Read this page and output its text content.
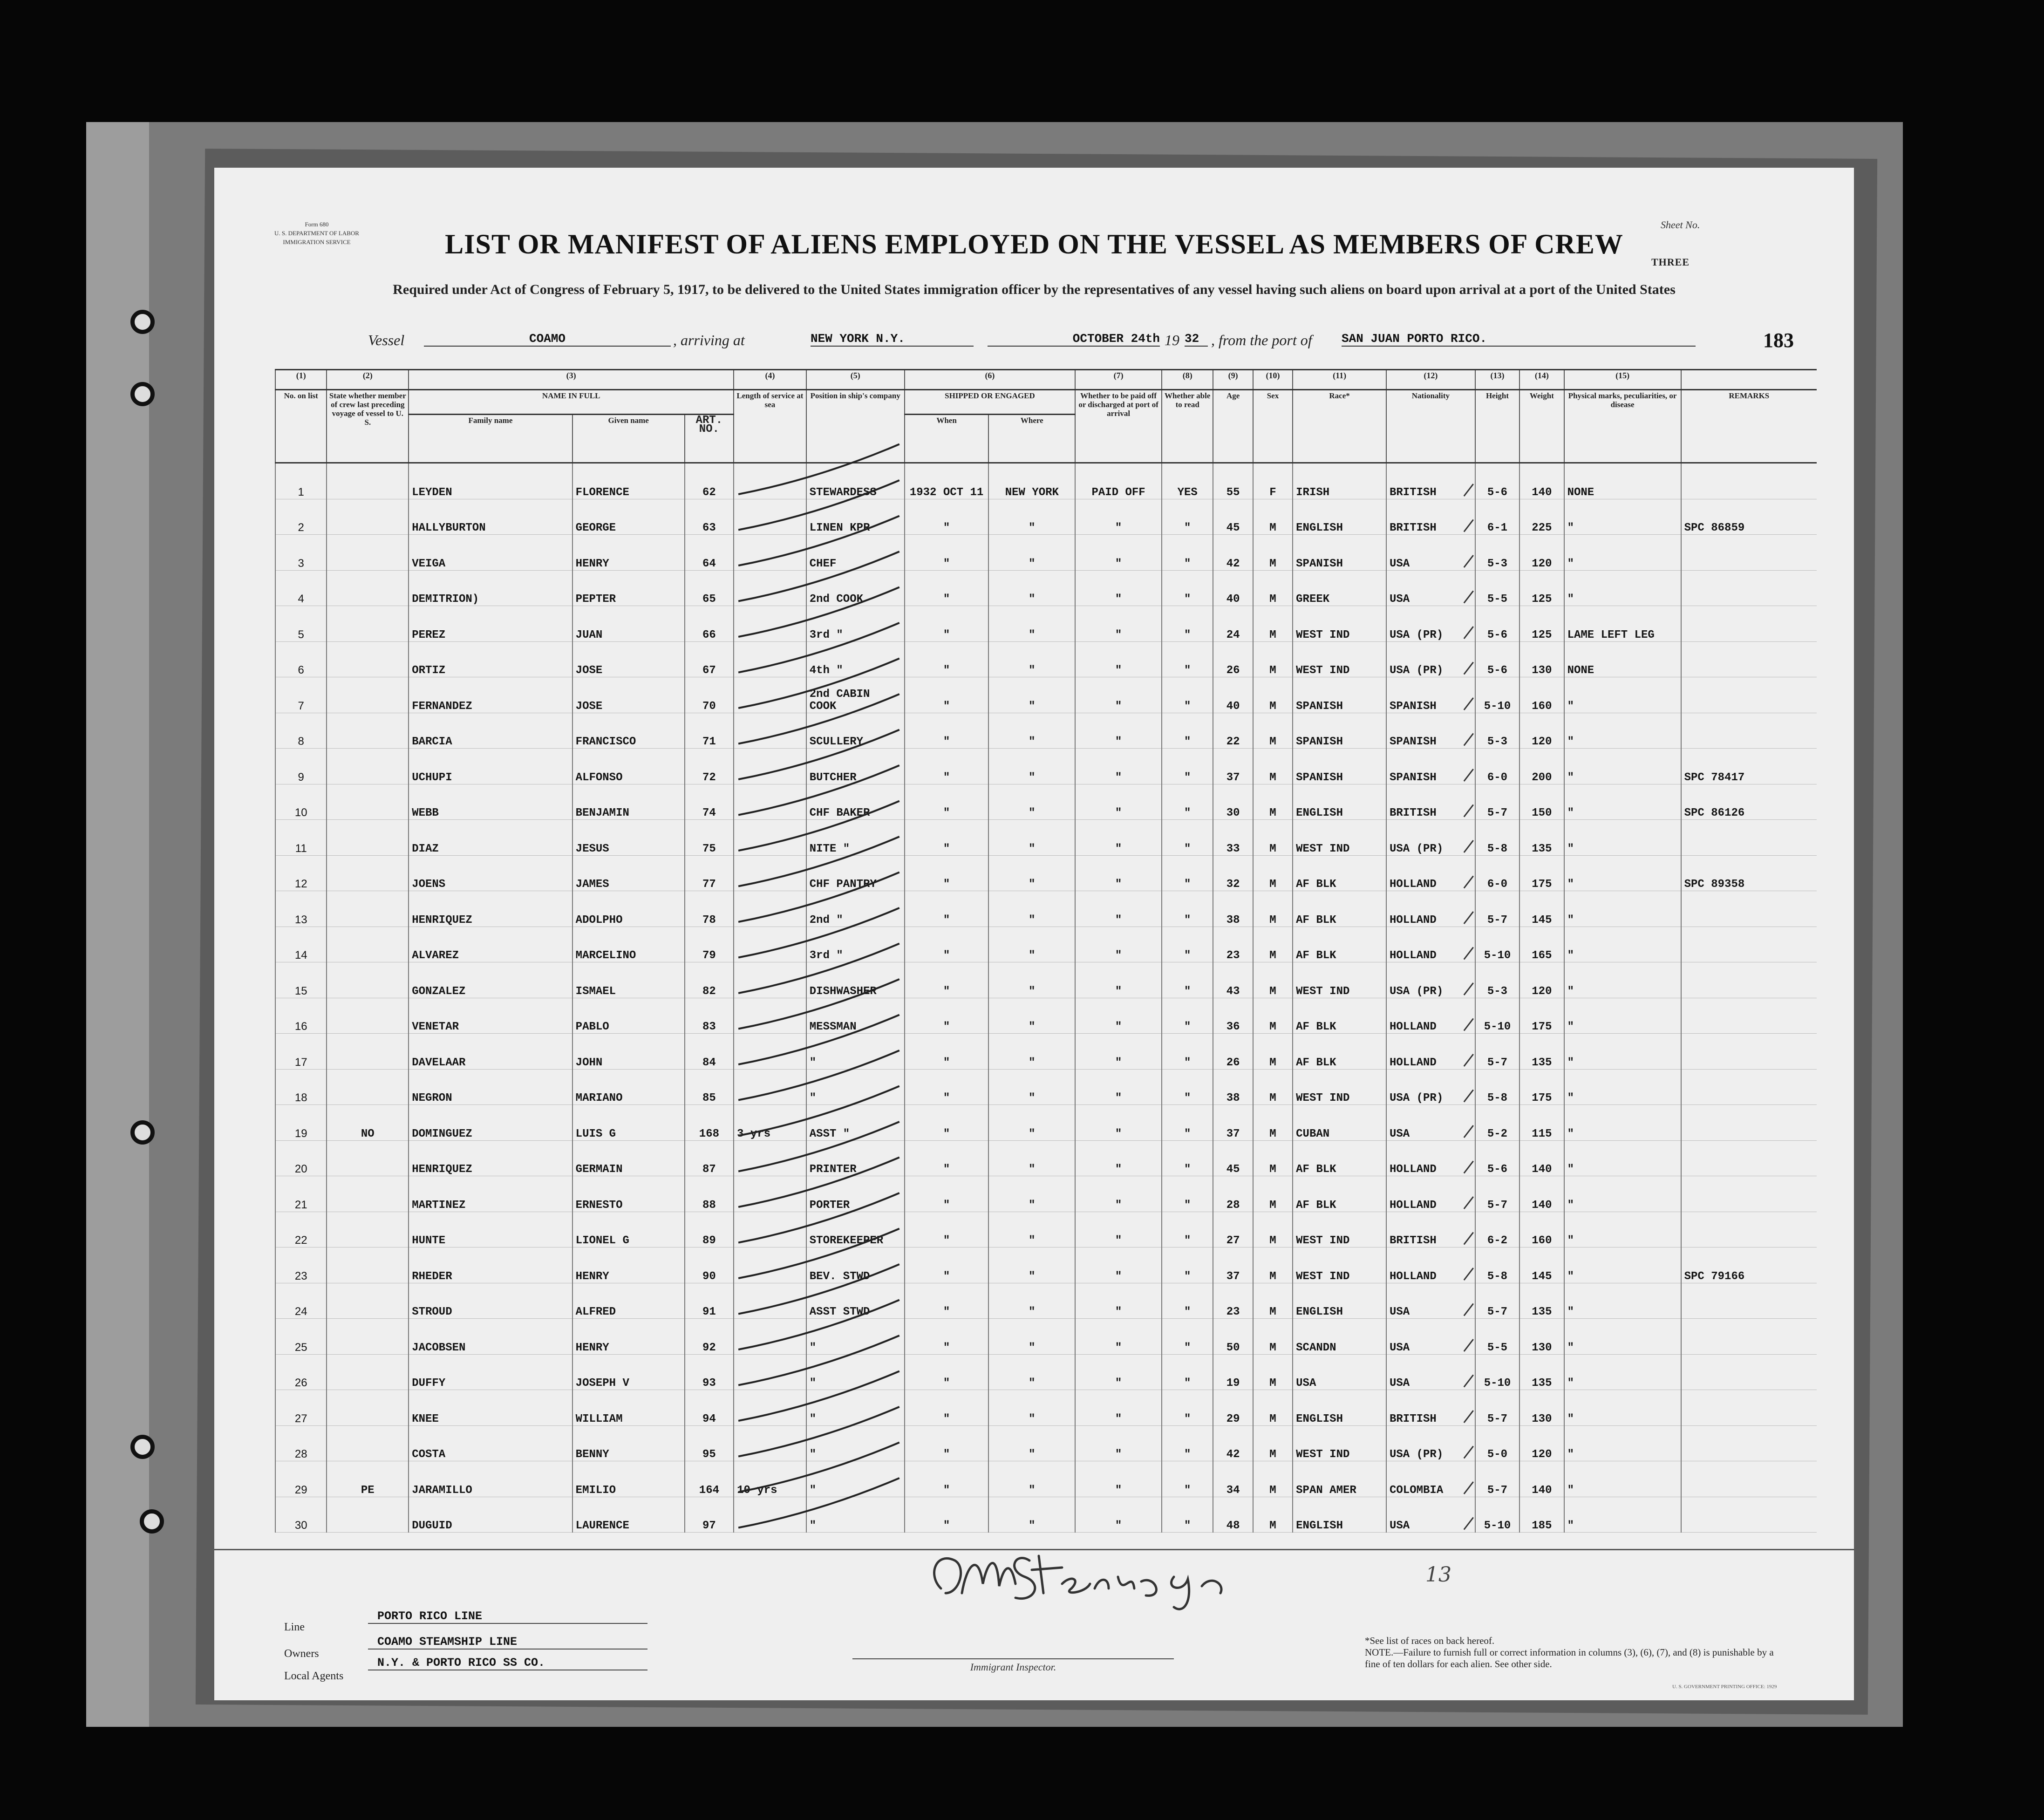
Form 680
U. S. DEPARTMENT OF LABOR
IMMIGRATION SERVICE
Sheet No.
THREE
LIST OR MANIFEST OF ALIENS EMPLOYED ON THE VESSEL AS MEMBERS OF CREW
Required under Act of Congress of February 5, 1917, to be delivered to the United States immigration officer by the representatives of any vessel having such aliens on board upon arrival at a port of the United States
Vessel	COAMO	, arriving at	NEW YORK N.Y.	OCTOBER 24th 19 32 , from the port of SAN JUAN PORTO RICO.	183
(1)	(2)	(3)			(4)	(5)	(6)		(7)	(8)	(9)	(10)	(11)	(12)	(13)	(14)	(15)	
No. on list	State whether member of crew last preceding voyage of vessel to U. S.	NAME IN FULL			Length of service at sea	Position in ship's company	SHIPPED OR ENGAGED		Whether to be paid off or discharged at port of arrival	Whether able to read	Age	Sex	Race*	Nationality	Height	Weight	Physical marks, peculiarities, or disease	REMARKS
		Family name	Given name	ART. NO.			When	Where										
1		LEYDEN	FLORENCE	62		STEWARDESS	1932 OCT 11	NEW YORK	PAID OFF	YES	55	F	IRISH	BRITISH	5-6	140	NONE	
2		HALLYBURTON	GEORGE	63		LINEN KPR	"	"	"	"	45	M	ENGLISH	BRITISH	6-1	225	"	SPC 86859
3		VEIGA	HENRY	64		CHEF	"	"	"	"	42	M	SPANISH	USA	5-3	120	"	
4		DEMITRION)	PEPTER	65		2nd COOK	"	"	"	"	40	M	GREEK	USA	5-5	125	"	
5		PEREZ	JUAN	66		3rd "	"	"	"	"	24	M	WEST IND	USA (PR)	5-6	125	LAME LEFT LEG	
6		ORTIZ	JOSE	67		4th "	"	"	"	"	26	M	WEST IND	USA (PR)	5-6	130	NONE	
7		FERNANDEZ	JOSE	70		2nd CABIN COOK	"	"	"	"	40	M	SPANISH	SPANISH	5-10	160	"	
8		BARCIA	FRANCISCO	71		SCULLERY	"	"	"	"	22	M	SPANISH	SPANISH	5-3	120	"	
9		UCHUPI	ALFONSO	72		BUTCHER	"	"	"	"	37	M	SPANISH	SPANISH	6-0	200	"	SPC 78417
10		WEBB	BENJAMIN	74		CHF BAKER	"	"	"	"	30	M	ENGLISH	BRITISH	5-7	150	"	SPC 86126
11		DIAZ	JESUS	75		NITE "	"	"	"	"	33	M	WEST IND	USA (PR)	5-8	135	"	
12		JOENS	JAMES	77		CHF PANTRY	"	"	"	"	32	M	AF BLK	HOLLAND	6-0	175	"	SPC 89358
13		HENRIQUEZ	ADOLPHO	78		2nd "	"	"	"	"	38	M	AF BLK	HOLLAND	5-7	145	"	
14		ALVAREZ	MARCELINO	79		3rd "	"	"	"	"	23	M	AF BLK	HOLLAND	5-10	165	"	
15		GONZALEZ	ISMAEL	82		DISHWASHER	"	"	"	"	43	M	WEST IND	USA (PR)	5-3	120	"	
16		VENETAR	PABLO	83		MESSMAN	"	"	"	"	36	M	AF BLK	HOLLAND	5-10	175	"	
17		DAVELAAR	JOHN	84		"	"	"	"	"	26	M	AF BLK	HOLLAND	5-7	135	"	
18		NEGRON	MARIANO	85		"	"	"	"	"	38	M	WEST IND	USA (PR)	5-8	175	"	
19	NO	DOMINGUEZ	LUIS G	168	3 yrs	ASST "	"	"	"	"	37	M	CUBAN	USA	5-2	115	"	
20		HENRIQUEZ	GERMAIN	87		PRINTER	"	"	"	"	45	M	AF BLK	HOLLAND	5-6	140	"	
21		MARTINEZ	ERNESTO	88		PORTER	"	"	"	"	28	M	AF BLK	HOLLAND	5-7	140	"	
22		HUNTE	LIONEL G	89		STOREKEEPER	"	"	"	"	27	M	WEST IND	BRITISH	6-2	160	"	
23		RHEDER	HENRY	90		BEV. STWD	"	"	"	"	37	M	WEST IND	HOLLAND	5-8	145	"	SPC 79166
24		STROUD	ALFRED	91		ASST STWD	"	"	"	"	23	M	ENGLISH	USA	5-7	135	"	
25		JACOBSEN	HENRY	92		"	"	"	"	"	50	M	SCANDN	USA	5-5	130	"	
26		DUFFY	JOSEPH V	93		"	"	"	"	"	19	M	USA	USA	5-10	135	"	
27		KNEE	WILLIAM	94		"	"	"	"	"	29	M	ENGLISH	BRITISH	5-7	130	"	
28		COSTA	BENNY	95		"	"	"	"	"	42	M	WEST IND	USA (PR)	5-0	120	"	
29	PE	JARAMILLO	EMILIO	164	10 yrs	"	"	"	"	"	34	M	SPAN AMER	COLOMBIA	5-7	140	"	
30		DUGUID	LAURENCE	97		"	"	"	"	"	48	M	ENGLISH	USA	5-10	185	"	
13
Line
PORTO RICO LINE
Owners
COAMO STEAMSHIP LINE
Local Agents
N.Y. & PORTO RICO SS CO.	Immigrant Inspector.
*See list of races on back hereof.
NOTE.—Failure to furnish full or correct information in columns (3), (6), (7), and (8) is punishable by a fine of ten dollars for each alien. See other side.
U. S. GOVERNMENT PRINTING OFFICE: 1929
